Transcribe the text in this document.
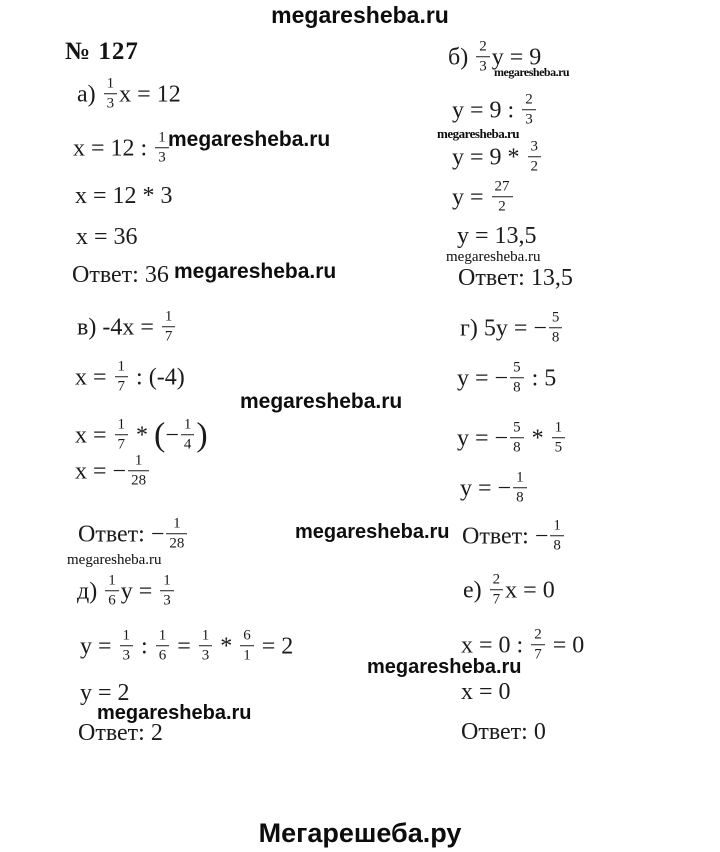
megaresheba.ru
№ 127
$а) \frac{1}{3}$ x = 12
x = 12 : $\frac{1}{3}$
x = 12 * 3
x = 36
Ответ: 36
в) $-4x = \frac{1}{7}$
$x = \frac{1}{7}$ : (-4)
$x = \frac{1}{7}$ * ( − $\frac{1}{4}$ )
x = − $\frac{1}{28}$
Ответ: − $\frac{1}{28}$
$д) \frac{1}{6}$ $y = \frac{1}{3}$
$y = \frac{1}{3}$ : $\frac{1}{6} = \frac{1}{3} * \frac{6}{1} = 2$
y = 2
Ответ: 2
$б) \frac{2}{3}$ y = 9
y = 9 : $\frac{2}{3}$
$y = 9 * \frac{3}{2}$
$y = \frac{27}{2}$
y = 13,5
Ответ: 13,5
г) 5y = − $\frac{5}{8}$
y = − $\frac{5}{8}$ : 5
y = − $\frac{5}{8} * \frac{1}{5}$
y = − $\frac{1}{8}$
Ответ: − $\frac{1}{8}$
$е) \frac{2}{7}$ x = 0
x = 0 : $\frac{2}{7} = 0$
x = 0
Ответ: 0
megaresheba.ru
megaresheba.ru
megaresheba.ru
megaresheba.ru
megaresheba.ru
megaresheba.ru
megaresheba.ru
megaresheba.ru
megaresheba.ru
megaresheba.ru
Мегарешеба.ру
